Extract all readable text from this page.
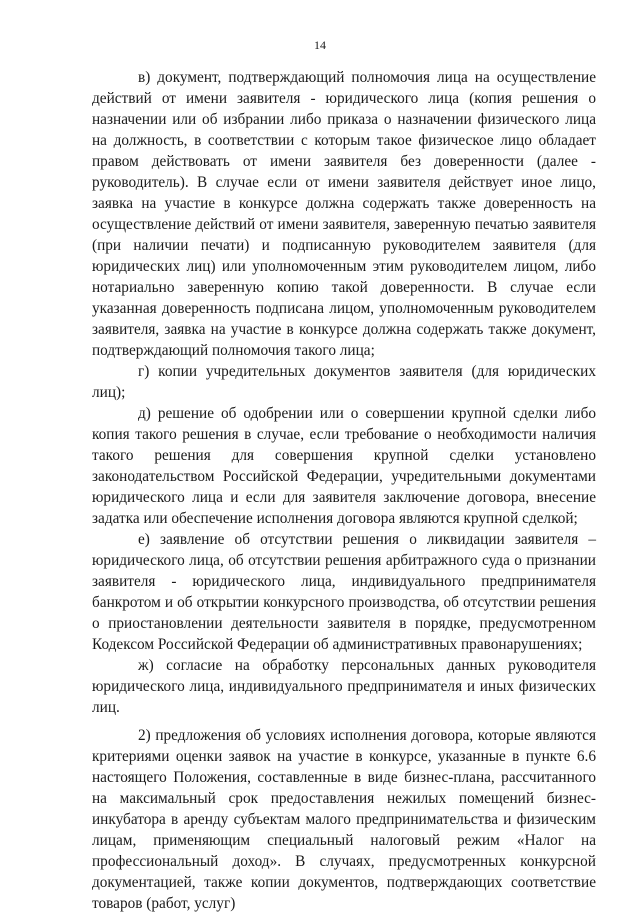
14

в) документ, подтверждающий полномочия лица на осуществление действий от имени заявителя - юридического лица (копия решения о назначении или об избрании либо приказа о назначении физического лица на должность, в соответствии с которым такое физическое лицо обладает правом действовать от имени заявителя без доверенности (далее - руководитель). В случае если от имени заявителя действует иное лицо, заявка на участие в конкурсе должна содержать также доверенность на осуществление действий от имени заявителя, заверенную печатью заявителя (при наличии печати) и подписанную руководителем заявителя (для юридических лиц) или уполномоченным этим руководителем лицом, либо нотариально заверенную копию такой доверенности. В случае если указанная доверенность подписана лицом, уполномоченным руководителем заявителя, заявка на участие в конкурсе должна содержать также документ, подтверждающий полномочия такого лица;

г) копии учредительных документов заявителя (для юридических лиц);

д) решение об одобрении или о совершении крупной сделки либо копия такого решения в случае, если требование о необходимости наличия такого решения для совершения крупной сделки установлено законодательством Российской Федерации, учредительными документами юридического лица и если для заявителя заключение договора, внесение задатка или обеспечение исполнения договора являются крупной сделкой;

е) заявление об отсутствии решения о ликвидации заявителя – юридического лица, об отсутствии решения арбитражного суда о признании заявителя - юридического лица, индивидуального предпринимателя банкротом и об открытии конкурсного производства, об отсутствии решения о приостановлении деятельности заявителя в порядке, предусмотренном Кодексом Российской Федерации об административных правонарушениях;

ж) согласие на обработку персональных данных руководителя юридического лица, индивидуального предпринимателя и иных физических лиц.

2) предложения об условиях исполнения договора, которые являются критериями оценки заявок на участие в конкурсе, указанные в пункте 6.6 настоящего Положения, составленные в виде бизнес-плана, рассчитанного на максимальный срок предоставления нежилых помещений бизнес-инкубатора в аренду субъектам малого предпринимательства и физическим лицам, применяющим специальный налоговый режим «Налог на профессиональный доход». В случаях, предусмотренных конкурсной документацией, также копии документов, подтверждающих соответствие товаров (работ, услуг)
